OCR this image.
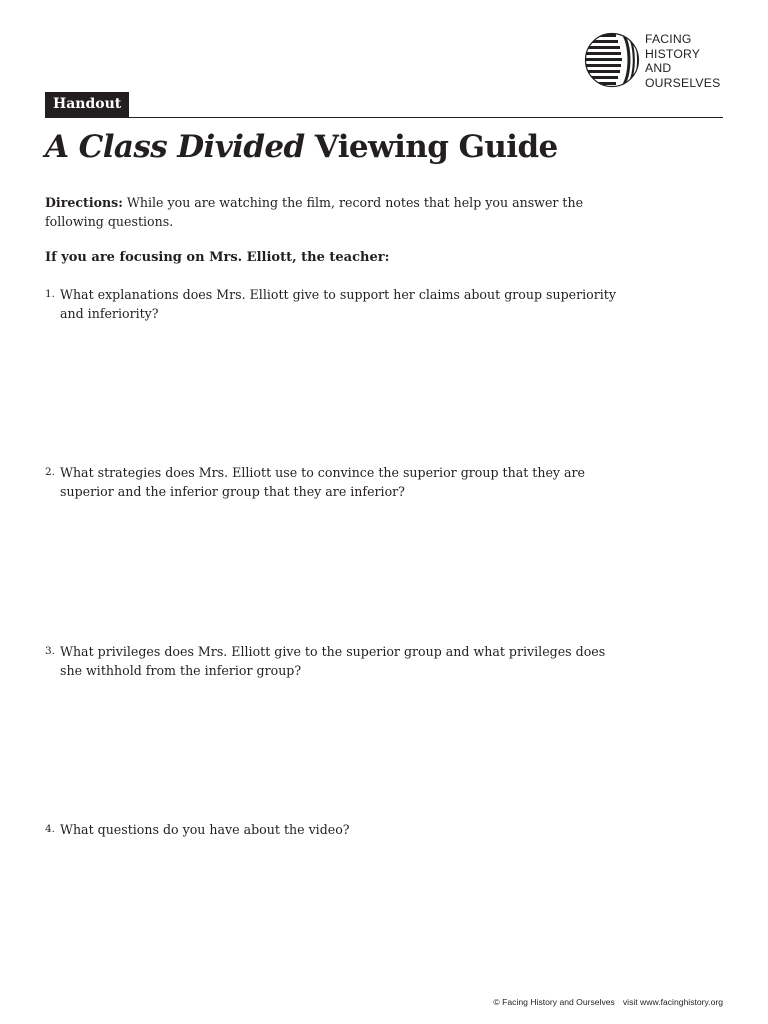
FACING
HISTORY
AND
OURSELVES
Handout
A Class Divided Viewing Guide
Directions: While you are watching the film, record notes that help you answer the following questions.
If you are focusing on Mrs. Elliott, the teacher:
1. What explanations does Mrs. Elliott give to support her claims about group superiority and inferiority?
2. What strategies does Mrs. Elliott use to convince the superior group that they are superior and the inferior group that they are inferior?
3. What privileges does Mrs. Elliott give to the superior group and what privileges does she withhold from the inferior group?
4. What questions do you have about the video?
© Facing History and Ourselves visit www.facinghistory.org
